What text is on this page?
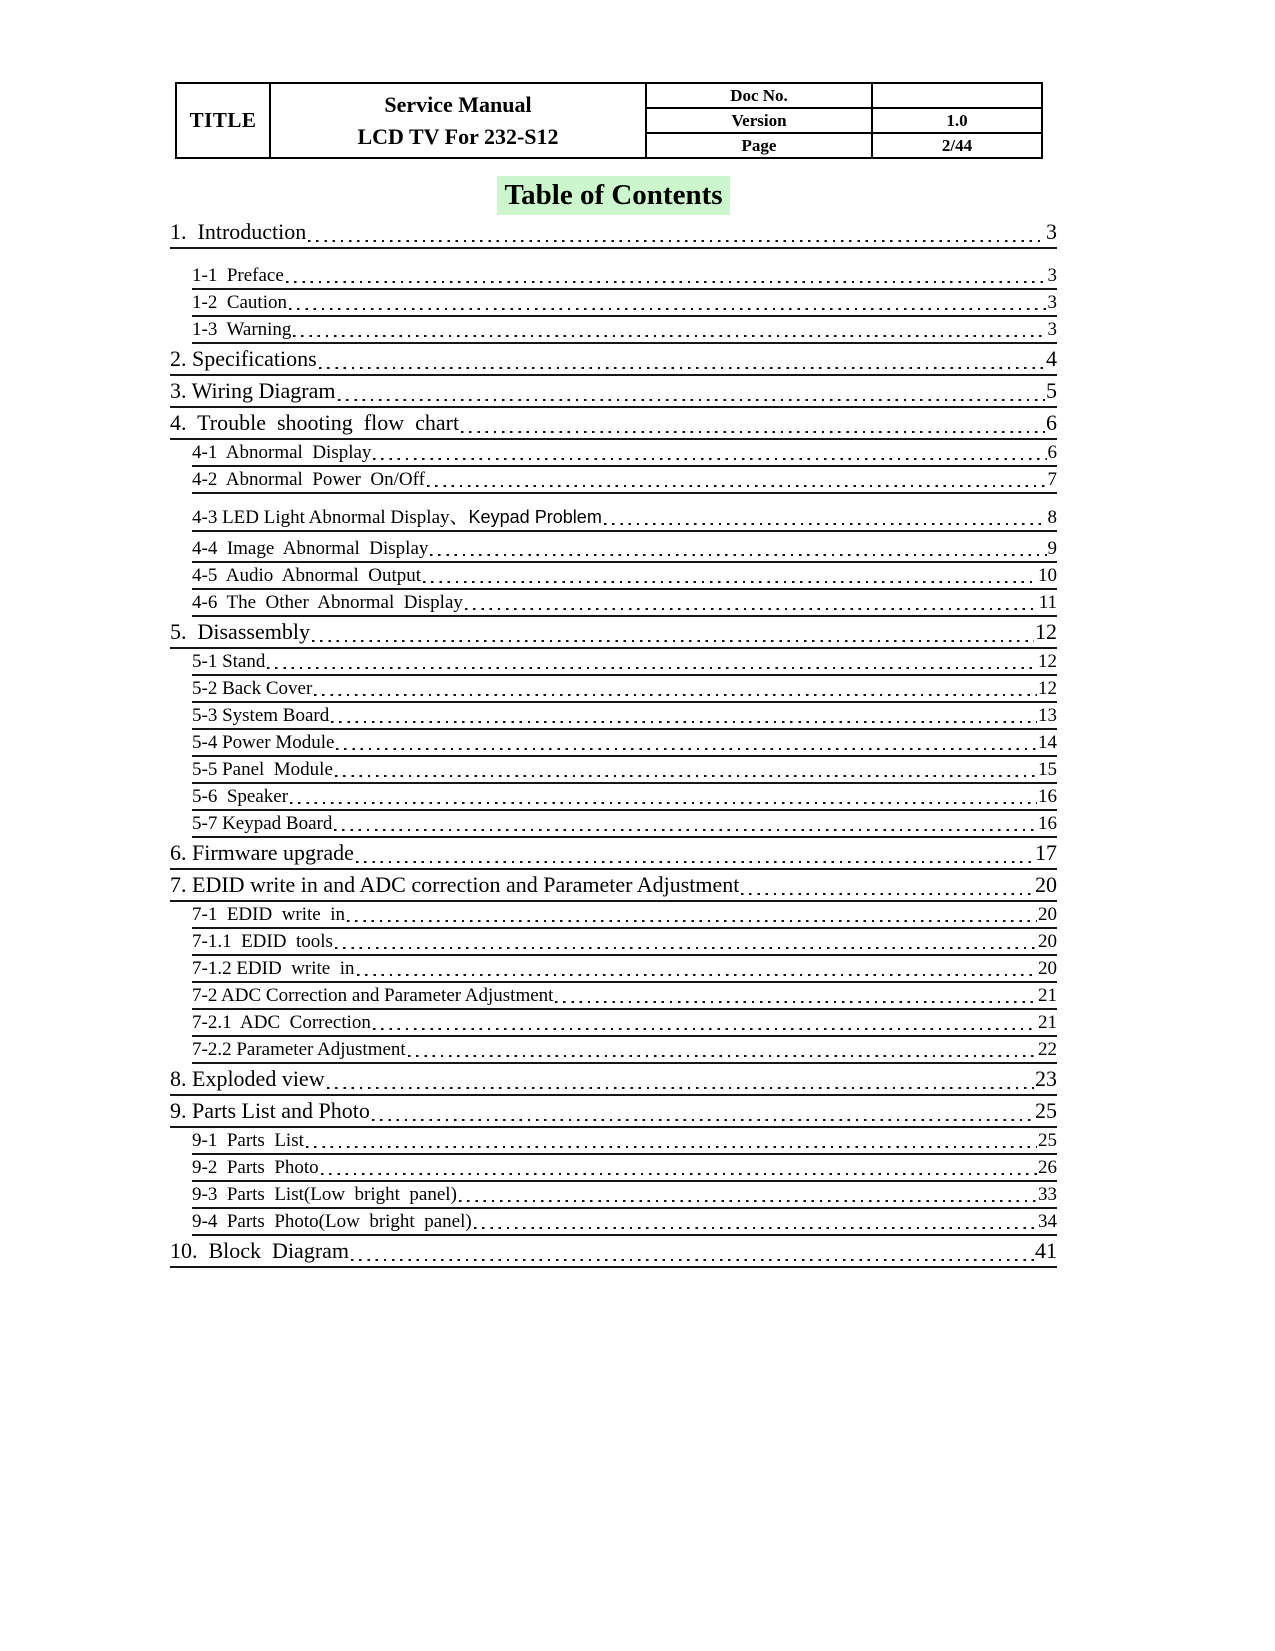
TITLE	Service Manual
LCD TV For 232-S12	Doc No.	
		Version	1.0
		Page	2/44
Table of Contents
1.  Introduction	3
1-1  Preface	3
1-2  Caution	3
1-3  Warning	3
2. Specifications	4
3. Wiring Diagram	5
4.  Trouble  shooting  flow  chart	6
4-1  Abnormal  Display	6
4-2  Abnormal  Power  On/Off	7
4-3 LED Light Abnormal Display、 Keypad Problem	8
4-4  Image  Abnormal  Display	9
4-5  Audio  Abnormal  Output	10
4-6  The  Other  Abnormal  Display	11
5.  Disassembly	12
5-1 Stand	12
5-2 Back Cover	12
5-3 System Board	13
5-4 Power Module	14
5-5 Panel  Module	15
5-6  Speaker	16
5-7 Keypad Board	16
6. Firmware upgrade	17
7. EDID write in and ADC correction and Parameter Adjustment	20
7-1  EDID  write  in	20
7-1.1  EDID  tools	20
7-1.2 EDID  write  in	20
7-2 ADC Correction and Parameter Adjustment	21
7-2.1  ADC  Correction	21
7-2.2 Parameter Adjustment	22
8. Exploded view	23
9. Parts List and Photo	25
9-1  Parts  List	25
9-2  Parts  Photo	26
9-3  Parts  List(Low  bright  panel)	33
9-4  Parts  Photo(Low  bright  panel)	34
10.  Block  Diagram	41
